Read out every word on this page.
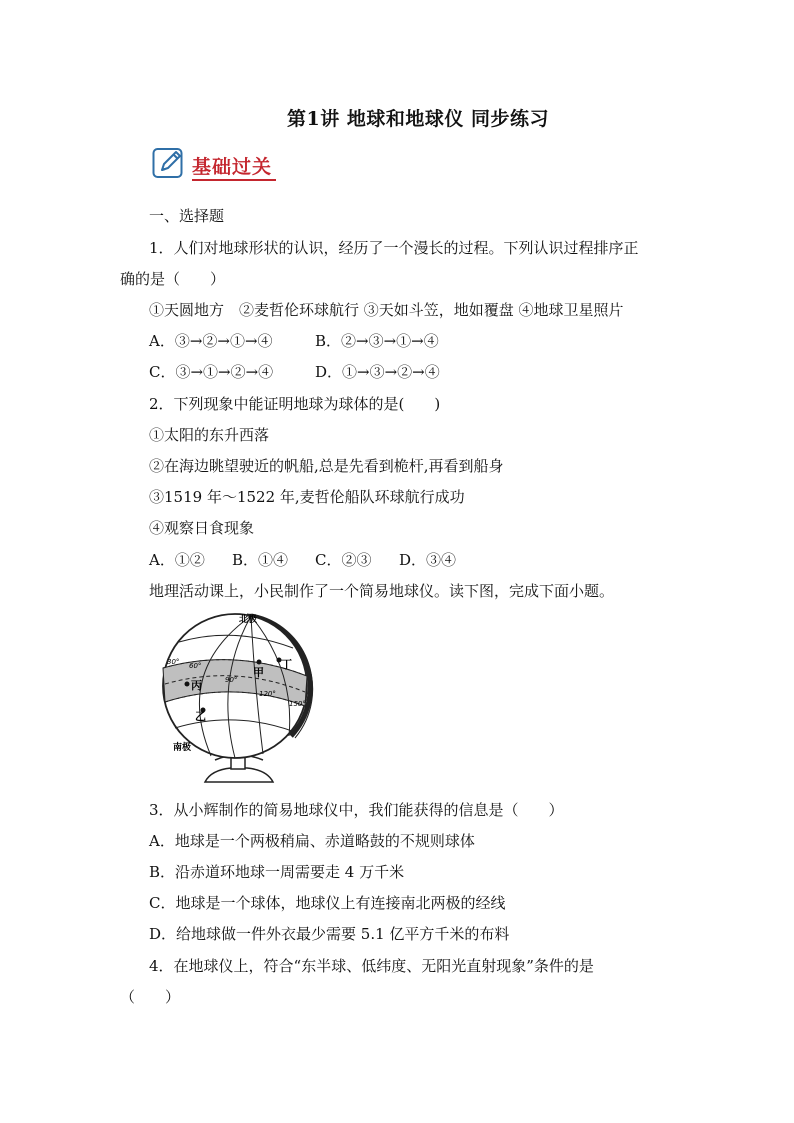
第1讲 地球和地球仪 同步练习
基础过关
一、选择题
1．人们对地球形状的认识，经历了一个漫长的过程。下列认识过程排序正
确的是（　　）
①天圆地方　②麦哲伦环球航行 ③天如斗笠，地如覆盘 ④地球卫星照片
A．③→②→①→④	B．②→③→①→④
C．③→①→②→④	D．①→③→②→④
2．下列现象中能证明地球为球体的是(　　)
①太阳的东升西落
②在海边眺望驶近的帆船,总是先看到桅杆,再看到船身
③1519 年～1522 年,麦哲伦船队环球航行成功
④观察日食现象
A．①② B．①④ C．②③ D．③④
地理活动课上，小民制作了一个简易地球仪。读下图，完成下面小题。
北极
南极
30° 60°
90°
120°
150°
甲
丙
乙
丁
3．从小辉制作的简易地球仪中，我们能获得的信息是（　　）
A．地球是一个两极稍扁、赤道略鼓的不规则球体
B．沿赤道环地球一周需要走 4 万千米
C．地球是一个球体，地球仪上有连接南北两极的经线
D．给地球做一件外衣最少需要 5.1 亿平方千米的布料
4．在地球仪上，符合“东半球、低纬度、无阳光直射现象”条件的是
（　　）
